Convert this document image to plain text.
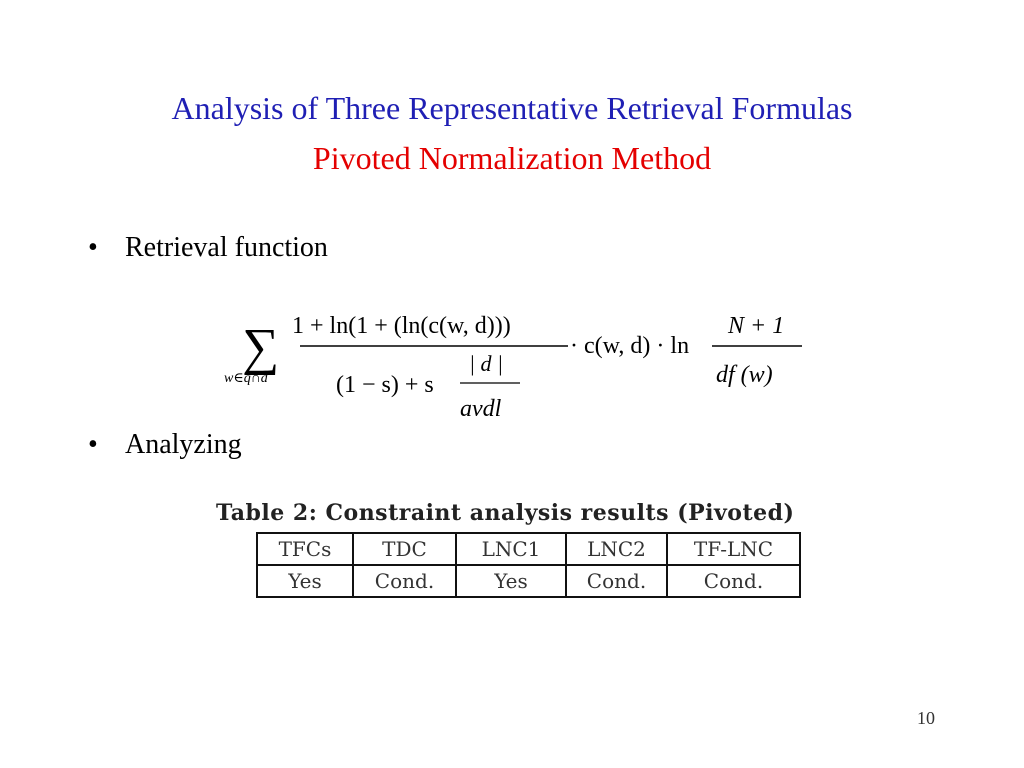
Analysis of Three Representative Retrieval Formulas
Pivoted Normalization Method
• Retrieval function
∑
w∈q∩d
1 + ln(1 + (ln(c(w, d)))
(1 − s) + s
| d |
avdl
· c(w, d) · ln
N + 1
df (w)
• Analyzing
Table 2: Constraint analysis results (Pivoted)
TFCs	TDC	LNC1	LNC2	TF-LNC
Yes	Cond.	Yes	Cond.	Cond.
10
